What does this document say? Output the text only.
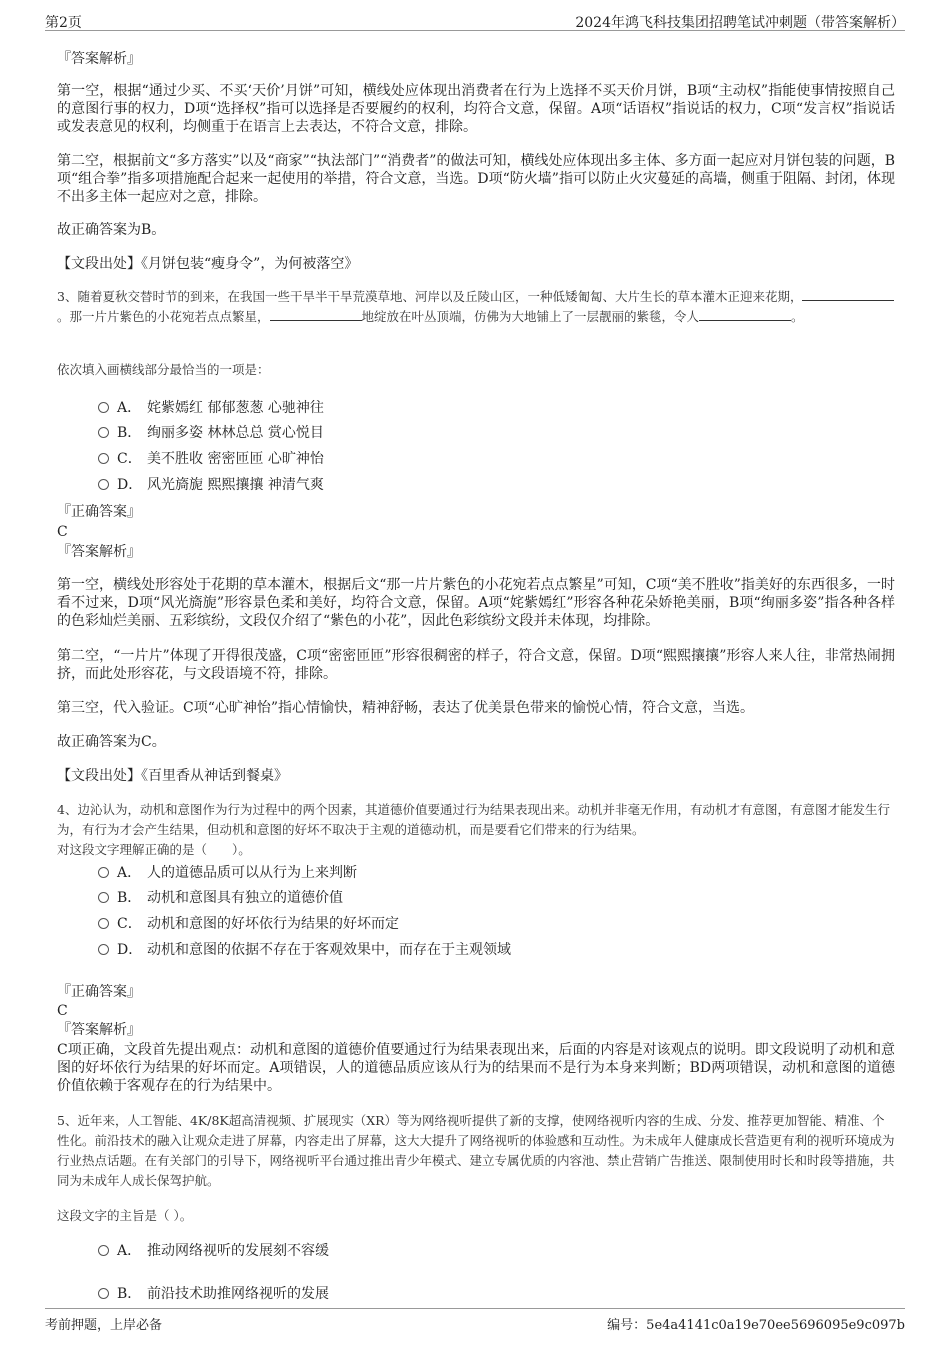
第2页	2024年鸿飞科技集团招聘笔试冲刺题（带答案解析）
『答案解析』
第一空，根据“通过少买、不买‘天价’月饼”可知，横线处应体现出消费者在行为上选择不买天价月饼，B项“主动权”指能使事情按照自己的意图行事的权力，D项“选择权”指可以选择是否要履约的权利，均符合文意，保留。A项“话语权”指说话的权力，C项“发言权”指说话或发表意见的权利，均侧重于在语言上去表达，不符合文意，排除。
第二空，根据前文“多方落实”以及“商家”“执法部门”“消费者”的做法可知，横线处应体现出多主体、多方面一起应对月饼包装的问题，B项“组合拳”指多项措施配合起来一起使用的举措，符合文意，当选。D项“防火墙”指可以防止火灾蔓延的高墙，侧重于阻隔、封闭，体现不出多主体一起应对之意，排除。
故正确答案为B。
【文段出处】《月饼包装“瘦身令”，为何被落空》
3、随着夏秋交替时节的到来，在我国一些干旱半干旱荒漠草地、河岸以及丘陵山区，一种低矮匍匐、大片生长的草本灌木正迎来花期，。那一片片紫色的小花宛若点点繁星，	地绽放在叶丛顶端，仿佛为大地铺上了一层靓丽的紫毯，令人	。
依次填入画横线部分最恰当的一项是：
A． 姹紫嫣红 郁郁葱葱 心驰神往
B． 绚丽多姿 林林总总 赏心悦目
C． 美不胜收 密密匝匝 心旷神怡
D． 风光旖旎 熙熙攘攘 神清气爽
『正确答案』
C
『答案解析』
第一空，横线处形容处于花期的草本灌木，根据后文“那一片片紫色的小花宛若点点繁星”可知，C项“美不胜收”指美好的东西很多，一时看不过来，D项“风光旖旎”形容景色柔和美好，均符合文意，保留。A项“姹紫嫣红”形容各种花朵娇艳美丽，B项“绚丽多姿”指各种各样的色彩灿烂美丽、五彩缤纷，文段仅介绍了“紫色的小花”，因此色彩缤纷文段并未体现，均排除。
第二空，“一片片”体现了开得很茂盛，C项“密密匝匝”形容很稠密的样子，符合文意，保留。D项“熙熙攘攘”形容人来人往，非常热闹拥挤，而此处形容花，与文段语境不符，排除。
第三空，代入验证。C项“心旷神怡”指心情愉快，精神舒畅，表达了优美景色带来的愉悦心情，符合文意，当选。
故正确答案为C。
【文段出处】《百里香从神话到餐桌》
4、边沁认为，动机和意图作为行为过程中的两个因素，其道德价值要通过行为结果表现出来。动机并非毫无作用，有动机才有意图，有意图才能发生行为，有行为才会产生结果，但动机和意图的好坏不取决于主观的道德动机，而是要看它们带来的行为结果。
对这段文字理解正确的是（　　）。
A． 人的道德品质可以从行为上来判断
B． 动机和意图具有独立的道德价值
C． 动机和意图的好坏依行为结果的好坏而定
D． 动机和意图的依据不存在于客观效果中，而存在于主观领域
『正确答案』
C
『答案解析』
C项正确，文段首先提出观点：动机和意图的道德价值要通过行为结果表现出来，后面的内容是对该观点的说明。即文段说明了动机和意图的好坏依行为结果的好坏而定。A项错误，人的道德品质应该从行为的结果而不是行为本身来判断；BD两项错误，动机和意图的道德价值依赖于客观存在的行为结果中。
5、近年来，人工智能、4K/8K超高清视频、扩展现实（XR）等为网络视听提供了新的支撑，使网络视听内容的生成、分发、推荐更加智能、精准、个性化。前沿技术的融入让观众走进了屏幕，内容走出了屏幕，这大大提升了网络视听的体验感和互动性。为未成年人健康成长营造更有利的视听环境成为行业热点话题。在有关部门的引导下，网络视听平台通过推出青少年模式、建立专属优质的内容池、禁止营销广告推送、限制使用时长和时段等措施，共同为未成年人成长保驾护航。
这段文字的主旨是（ ）。
A． 推动网络视听的发展刻不容缓
B． 前沿技术助推网络视听的发展
考前押题，上岸必备	编号：5e4a4141c0a19e70ee5696095e9c097b
